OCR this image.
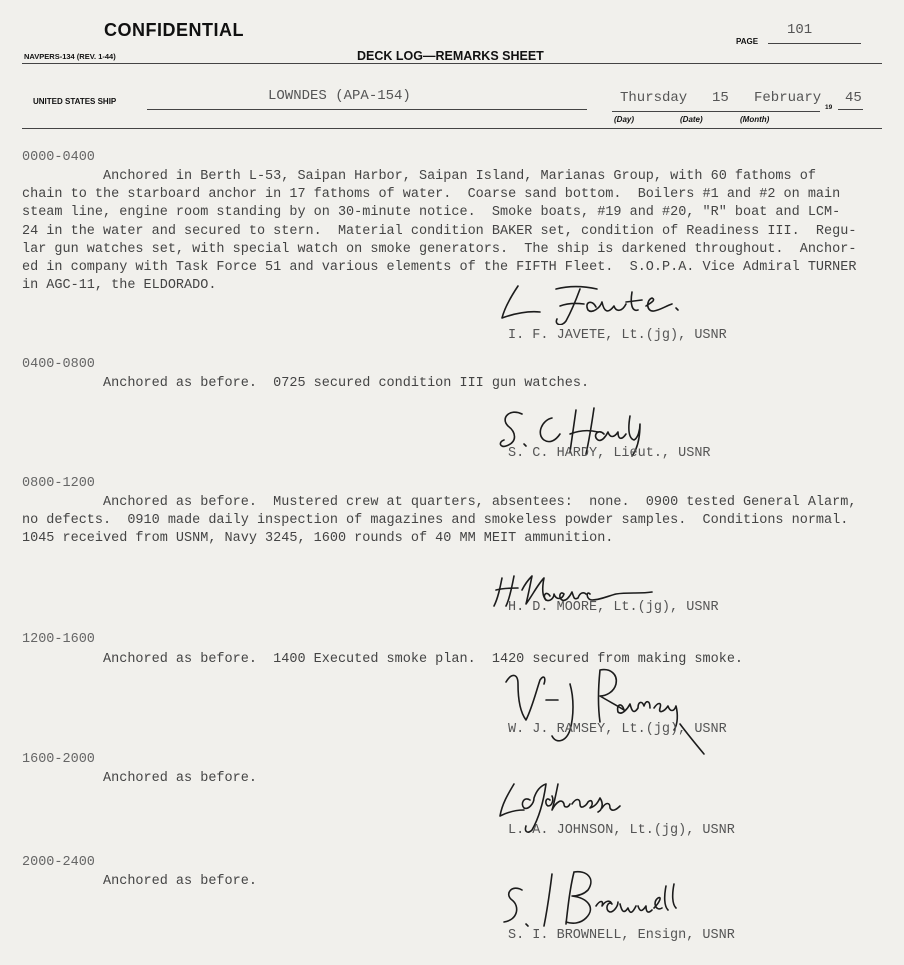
CONFIDENTIAL
NAVPERS-134 (REV. 1-44)	DECK LOG—REMARKS SHEET
PAGE
101
UNITED STATES SHIP	LOWNDES (APA-154)	Thursday 15 February
19
45
(Day)	(Date)	(Month)
0000-0400
Anchored in Berth L-53, Saipan Harbor, Saipan Island, Marianas Group, with 60 fathoms of
chain to the starboard anchor in 17 fathoms of water.  Coarse sand bottom.  Boilers #1 and #2 on main
steam line, engine room standing by on 30-minute notice.  Smoke boats, #19 and #20, "R" boat and LCM-
24 in the water and secured to stern.  Material condition BAKER set, condition of Readiness III.  Regu-
lar gun watches set, with special watch on smoke generators.  The ship is darkened throughout.  Anchor-
ed in company with Task Force 51 and various elements of the FIFTH Fleet.  S.O.P.A. Vice Admiral TURNER
in AGC-11, the ELDORADO.
I. F. JAVETE, Lt.(jg), USNR
0400-0800
Anchored as before.  0725 secured condition III gun watches.
S. C. HARDY, Lieut., USNR
0800-1200
Anchored as before.  Mustered crew at quarters, absentees:  none.  0900 tested General Alarm,
no defects.  0910 made daily inspection of magazines and smokeless powder samples.  Conditions normal.
1045 received from USNM, Navy 3245, 1600 rounds of 40 MM MEIT ammunition.
H. D. MOORE, Lt.(jg), USNR
1200-1600
Anchored as before.  1400 Executed smoke plan.  1420 secured from making smoke.
W. J. RAMSEY, Lt.(jg), USNR
1600-2000
Anchored as before.
L. A. JOHNSON, Lt.(jg), USNR
2000-2400
Anchored as before.
S. I. BROWNELL, Ensign, USNR
